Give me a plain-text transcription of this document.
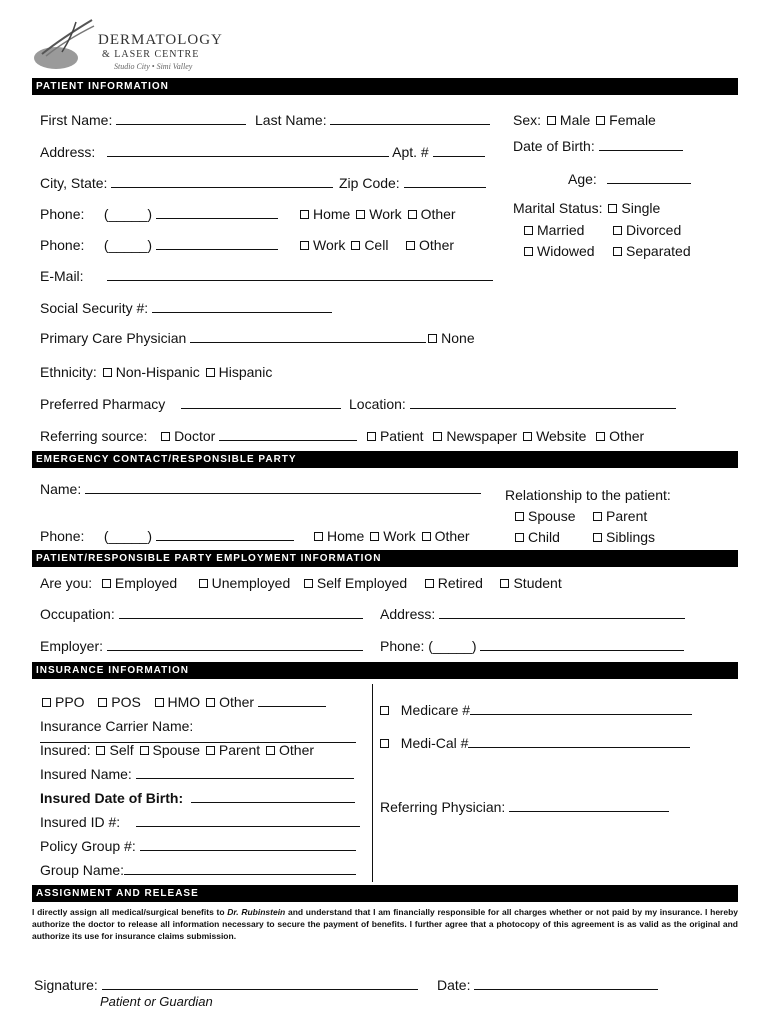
DERMATOLOGY
& LASER CENTRE
Studio City • Simi Valley
PATIENT INFORMATION
First Name:	Last Name:	Sex: Male Female
Address:	Apt. #	Date of Birth:
City, State:	Zip Code:	Age:
Phone: (_____)	Home Work Other	Marital Status: Single
Married	Divorced
Phone: (_____)	Work Cell Other	Widowed	Separated
E-Mail:
Social Security #:
Primary Care Physician	None
Ethnicity: Non-Hispanic Hispanic
Preferred Pharmacy	Location:
Referring source: Doctor	Patient Newspaper Website Other
EMERGENCY CONTACT/RESPONSIBLE PARTY
Name:	Relationship to the patient:
Spouse	Parent
Phone: (_____)	Home Work Other	Child	Siblings
PATIENT/RESPONSIBLE PARTY EMPLOYMENT INFORMATION
Are you: Employed Unemployed Self Employed Retired Student
Occupation:	Address:
Employer:	Phone: (_____)
INSURANCE INFORMATION
PPO POS HMO Other
Insurance Carrier Name:
Insured: Self Spouse Parent Other
Insured Name:
Insured Date of Birth:
Insured ID #:
Policy Group #:
Group Name:
Medicare #
Medi-Cal #
Referring Physician:
ASSIGNMENT AND RELEASE
I directly assign all medical/surgical benefits to Dr. Rubinstein and understand that I am financially responsible for all charges whether or not paid by my insurance. I hereby authorize the doctor to release all information necessary to secure the payment of benefits. I further agree that a photocopy of this agreement is as valid as the original and authorize its use for insurance claims submission.
Signature:
Patient or Guardian
Date:
